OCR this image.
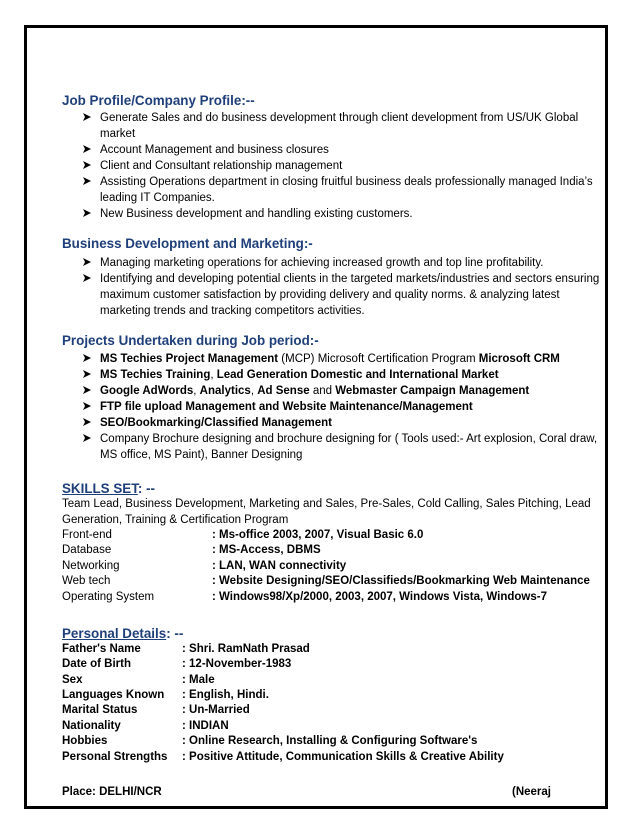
Job Profile/Company Profile:--
Generate Sales and do business development through client development from US/UK Global market
Account Management and business closures
Client and Consultant relationship management
Assisting Operations department in closing fruitful business deals professionally managed India’s leading IT Companies.
New Business development and handling existing customers.
Business Development and Marketing:-
Managing marketing operations for achieving increased growth and top line profitability.
Identifying and developing potential clients in the targeted markets/industries and sectors ensuring maximum customer satisfaction by providing delivery and quality norms. & analyzing latest marketing trends and tracking competitors activities.
Projects Undertaken during Job period:-
MS Techies Project Management (MCP) Microsoft Certification Program Microsoft CRM
MS Techies Training, Lead Generation Domestic and International Market
Google AdWords, Analytics, Ad Sense and Webmaster Campaign Management
FTP file upload Management and Website Maintenance/Management
SEO/Bookmarking/Classified Management
Company Brochure designing and brochure designing for ( Tools used:- Art explosion, Coral draw, MS office, MS Paint), Banner Designing
SKILLS SET: --
Team Lead, Business Development, Marketing and Sales, Pre-Sales, Cold Calling, Sales Pitching, Lead
Generation, Training & Certification Program
Front-end	: Ms-office 2003, 2007, Visual Basic 6.0
Database	: MS-Access, DBMS
Networking	: LAN, WAN connectivity
Web tech	: Website Designing/SEO/Classifieds/Bookmarking Web Maintenance
Operating System	: Windows98/Xp/2000, 2003, 2007, Windows Vista, Windows-7
Personal Details: --
Father's Name	: Shri. RamNath Prasad
Date of Birth	: 12-November-1983
Sex	: Male
Languages Known : English, Hindi.
Marital Status	: Un-Married
Nationality	: INDIAN
Hobbies	: Online Research, Installing & Configuring Software's
Personal Strengths : Positive Attitude, Communication Skills & Creative Ability
Place: DELHI/NCR	(Neeraj
